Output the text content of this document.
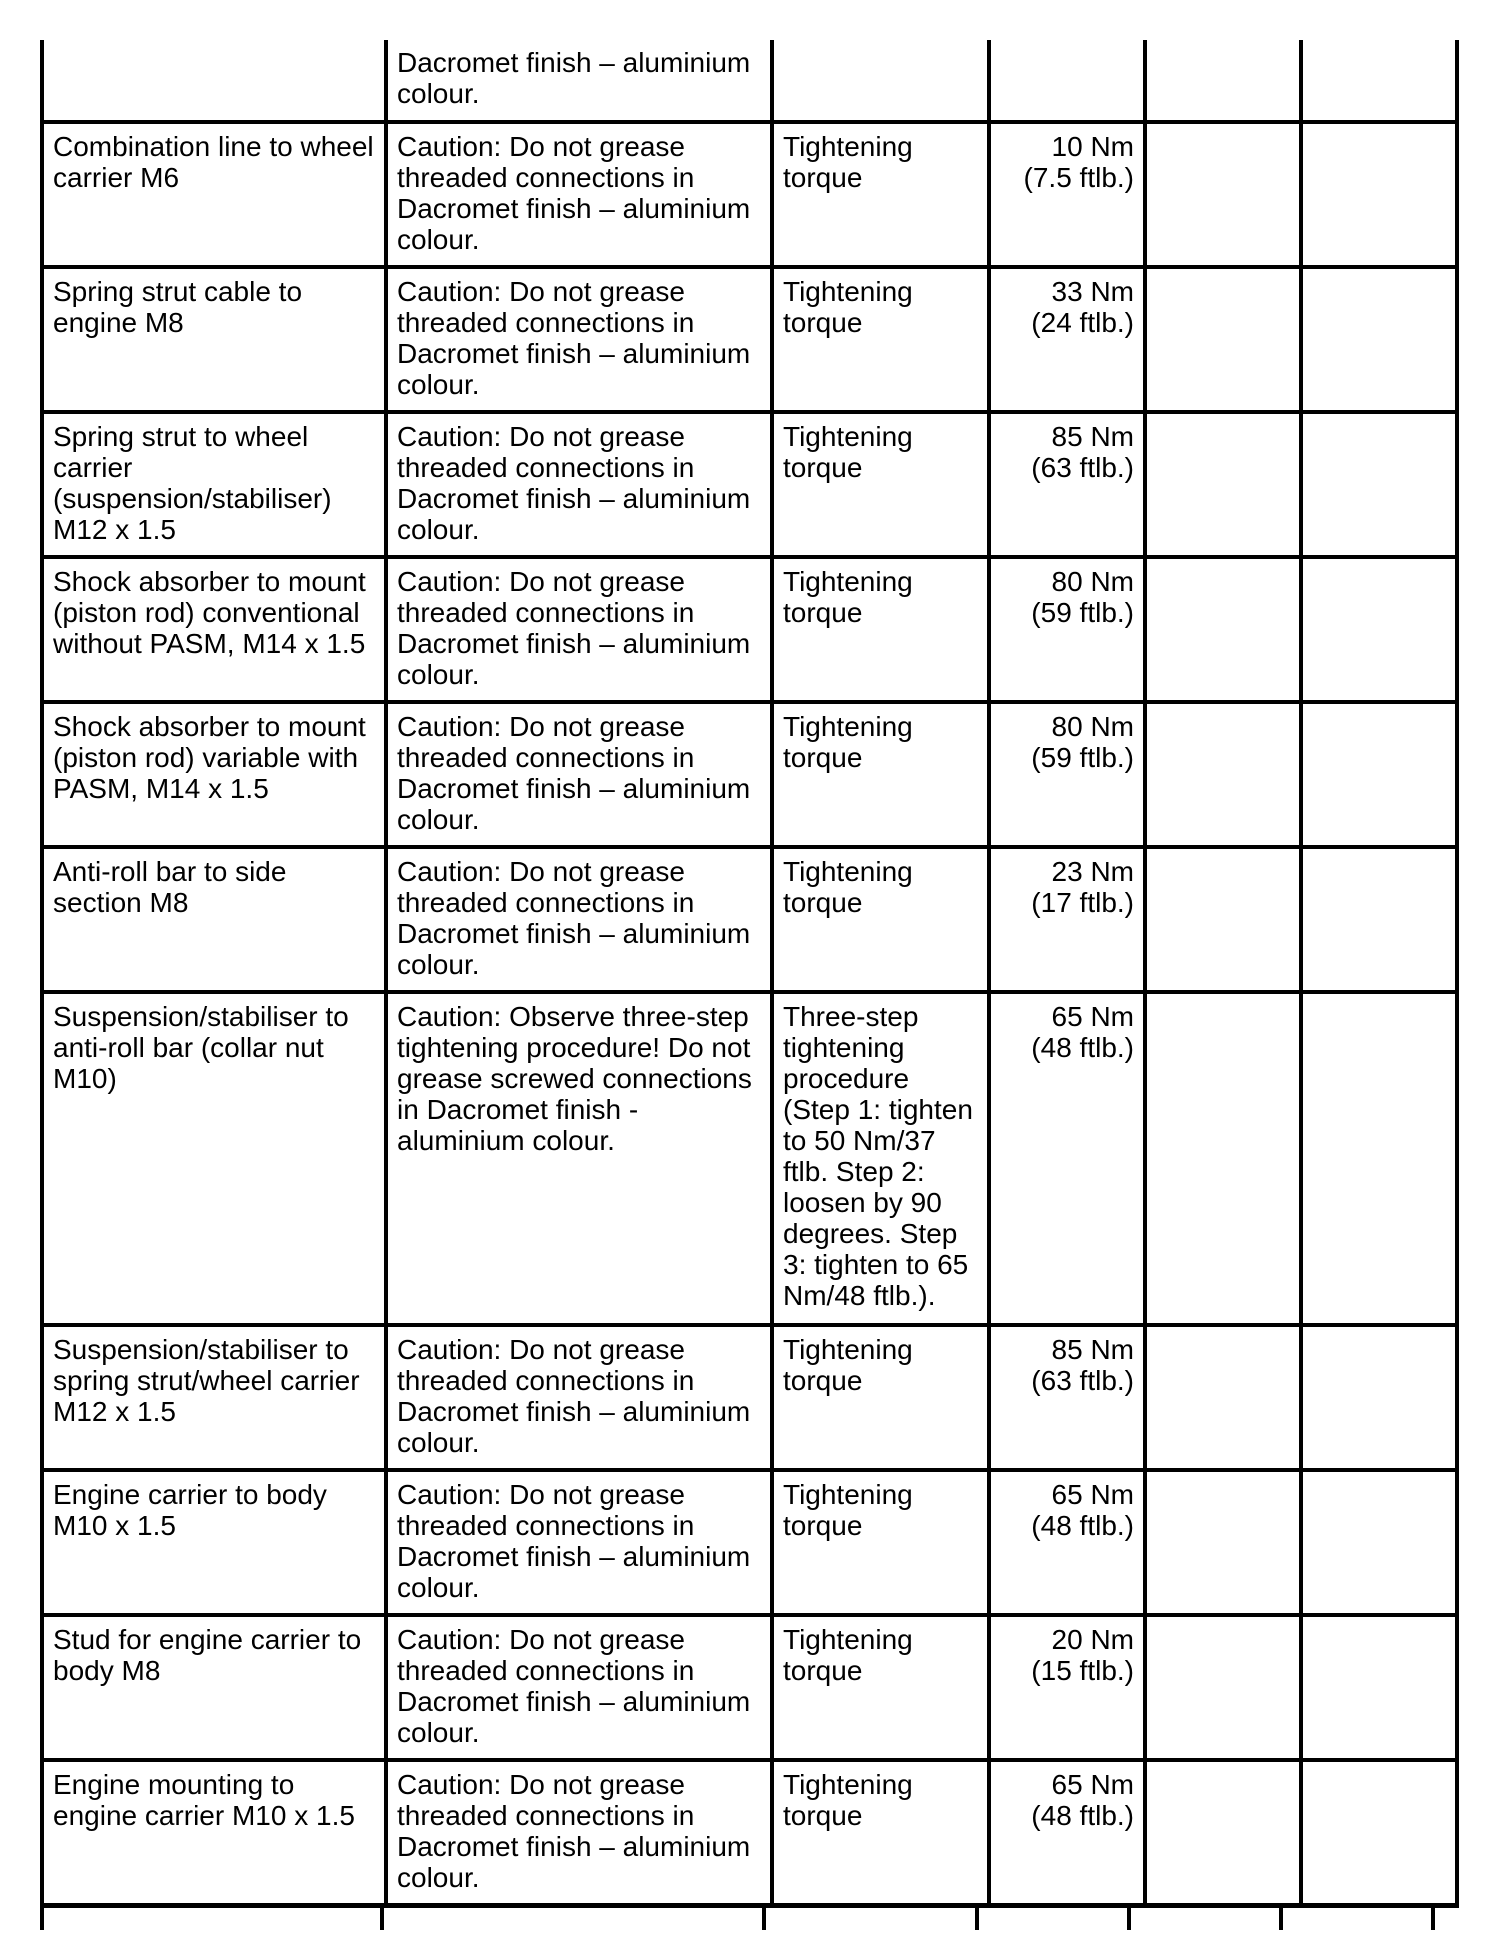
	Dacromet finish – aluminium colour.		

Combination line to wheel carrier M6	Caution: Do not grease threaded connections in Dacromet finish – aluminium colour.	Tightening torque	10 Nm
(7.5 ftlb.)		
Spring strut cable to engine M8	Caution: Do not grease threaded connections in Dacromet finish – aluminium colour.	Tightening torque	33 Nm
(24 ftlb.)		
Spring strut to wheel carrier (suspension/stabiliser) M12 x 1.5	Caution: Do not grease threaded connections in Dacromet finish – aluminium colour.	Tightening torque	85 Nm
(63 ftlb.)		
Shock absorber to mount (piston rod) conventional without PASM, M14 x 1.5	Caution: Do not grease threaded connections in Dacromet finish – aluminium colour.	Tightening torque	80 Nm
(59 ftlb.)		
Shock absorber to mount (piston rod) variable with PASM, M14 x 1.5	Caution: Do not grease threaded connections in Dacromet finish – aluminium colour.	Tightening torque	80 Nm
(59 ftlb.)		
Anti-roll bar to side section M8	Caution: Do not grease threaded connections in Dacromet finish – aluminium colour.	Tightening torque	23 Nm
(17 ftlb.)		
Suspension/stabiliser to anti-roll bar (collar nut M10)	Caution: Observe three-step tightening procedure! Do not grease screwed connections in Dacromet finish - aluminium colour.	Three-step tightening procedure (Step 1: tighten to 50 Nm/37 ftlb. Step 2: loosen by 90 degrees. Step 3: tighten to 65 Nm/48 ftlb.).	65 Nm
(48 ftlb.)		
Suspension/stabiliser to spring strut/wheel carrier M12 x 1.5	Caution: Do not grease threaded connections in Dacromet finish – aluminium colour.	Tightening torque	85 Nm
(63 ftlb.)		
Engine carrier to body M10 x 1.5	Caution: Do not grease threaded connections in Dacromet finish – aluminium colour.	Tightening torque	65 Nm
(48 ftlb.)		
Stud for engine carrier to body M8	Caution: Do not grease threaded connections in Dacromet finish – aluminium colour.	Tightening torque	20 Nm
(15 ftlb.)		
Engine mounting to engine carrier M10 x 1.5	Caution: Do not grease threaded connections in Dacromet finish – aluminium colour.	Tightening torque	65 Nm
(48 ftlb.)		
